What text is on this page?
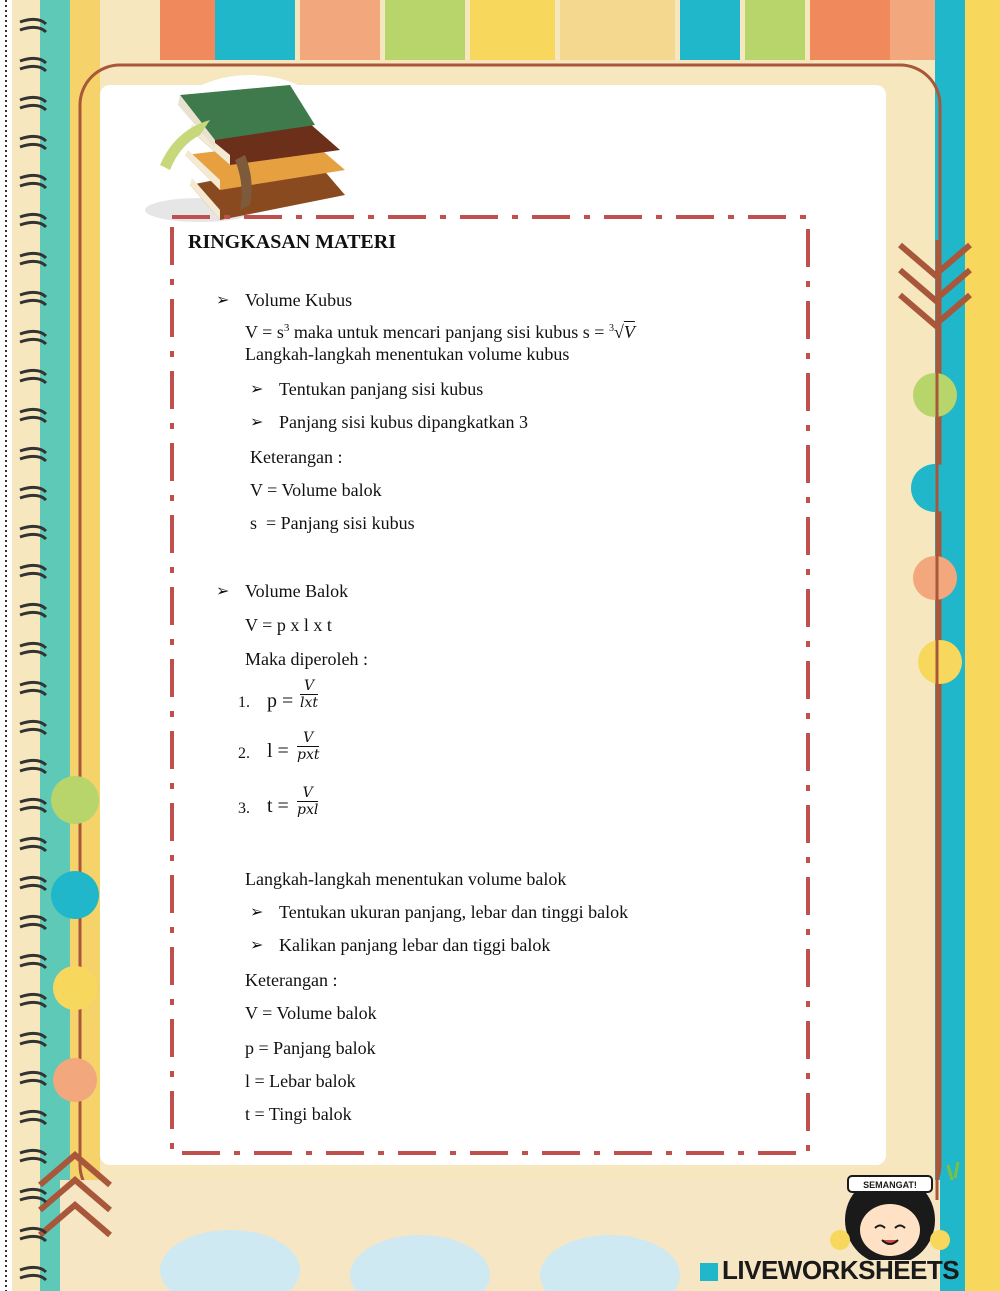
RINGKASAN MATERI
➢ Volume Kubus
$V = s^3$ maka untuk mencari panjang sisi kubus s = $^3$√V
Langkah-langkah menentukan volume kubus
➢ Tentukan panjang sisi kubus
➢ Panjang sisi kubus dipangkatkan 3
Keterangan :
V = Volume balok
s  = Panjang sisi kubus
➢ Volume Balok
V = p x l x t
Maka diperoleh :
1. p =
V
lxt
2. l =
V
pxt
3. t =
V
pxl
Langkah-langkah menentukan volume balok
➢ Tentukan ukuran panjang, lebar dan tinggi balok
➢ Kalikan panjang lebar dan tiggi balok
Keterangan :
V = Volume balok
p = Panjang balok
l = Lebar balok
t = Tingi balok
SEMANGAT!
LIVEWORKSHEETS
